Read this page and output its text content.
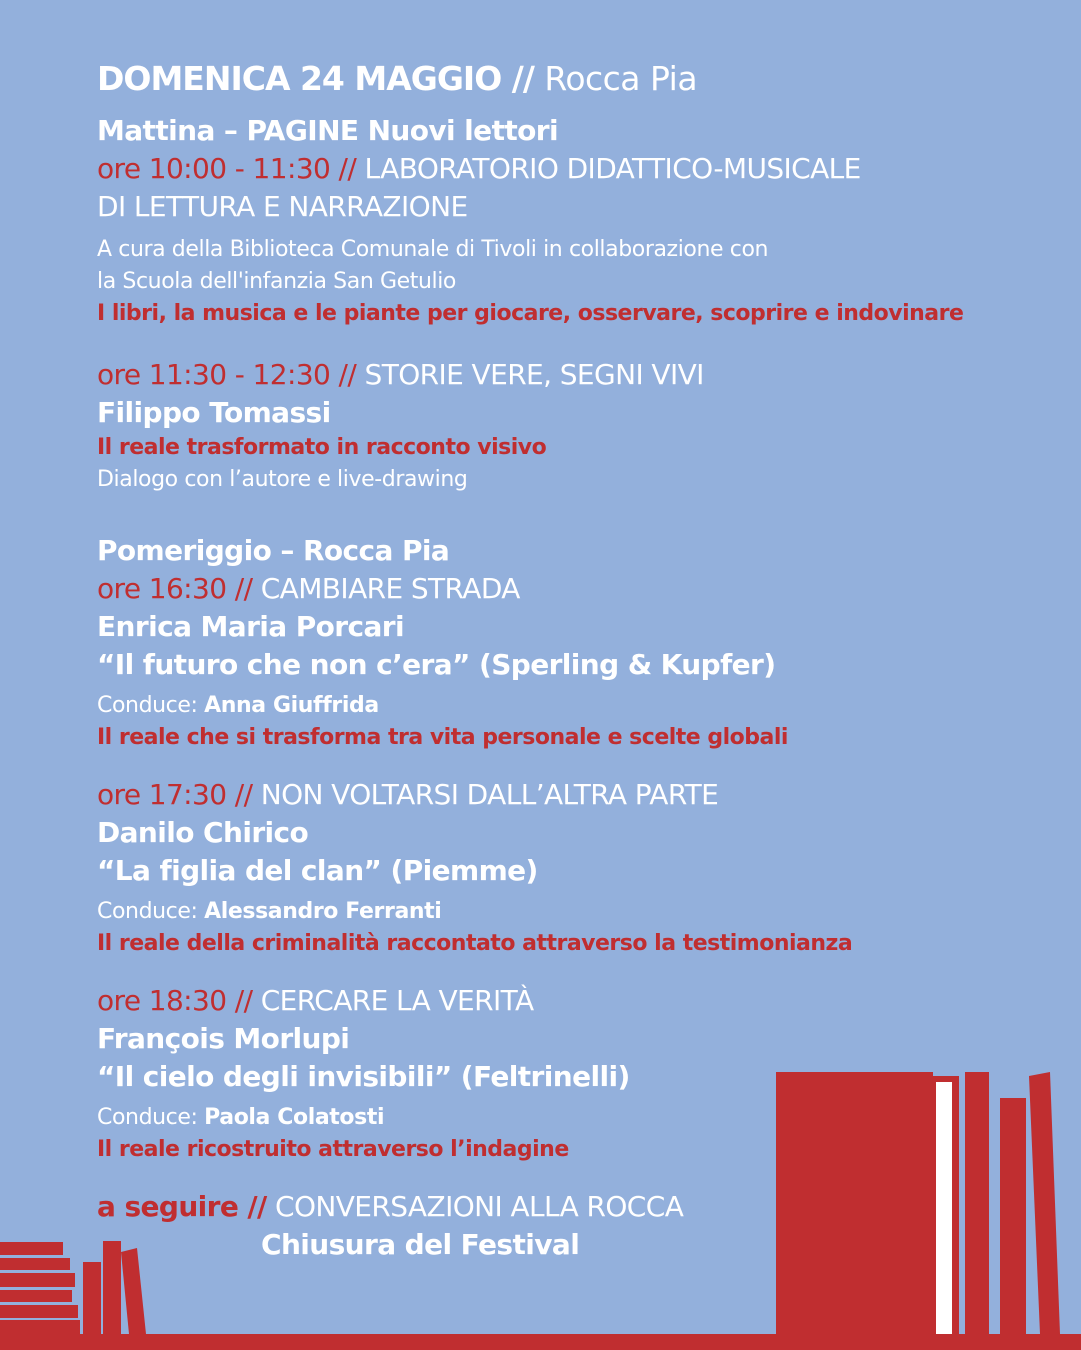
DOMENICA 24 MAGGIO // Rocca Pia
Mattina – PAGINE Nuovi lettori
ore 10:00 - 11:30 // LABORATORIO DIDATTICO-MUSICALE
DI LETTURA E NARRAZIONE
A cura della Biblioteca Comunale di Tivoli in collaborazione con
la Scuola dell'infanzia San Getulio
I libri, la musica e le piante per giocare, osservare, scoprire e indovinare
ore 11:30 - 12:30 // STORIE VERE, SEGNI VIVI
Filippo Tomassi
Il reale trasformato in racconto visivo
Dialogo con l’autore e live-drawing
Pomeriggio – Rocca Pia
ore 16:30 // CAMBIARE STRADA
Enrica Maria Porcari
“Il futuro che non c’era” (Sperling & Kupfer)
Conduce: Anna Giuffrida
Il reale che si trasforma tra vita personale e scelte globali
ore 17:30 // NON VOLTARSI DALL’ALTRA PARTE
Danilo Chirico
“La figlia del clan” (Piemme)
Conduce: Alessandro Ferranti
Il reale della criminalità raccontato attraverso la testimonianza
ore 18:30 // CERCARE LA VERITÀ
François Morlupi
“Il cielo degli invisibili” (Feltrinelli)
Conduce: Paola Colatosti
Il reale ricostruito attraverso l’indagine
a seguire // CONVERSAZIONI ALLA ROCCA
Chiusura del Festival
